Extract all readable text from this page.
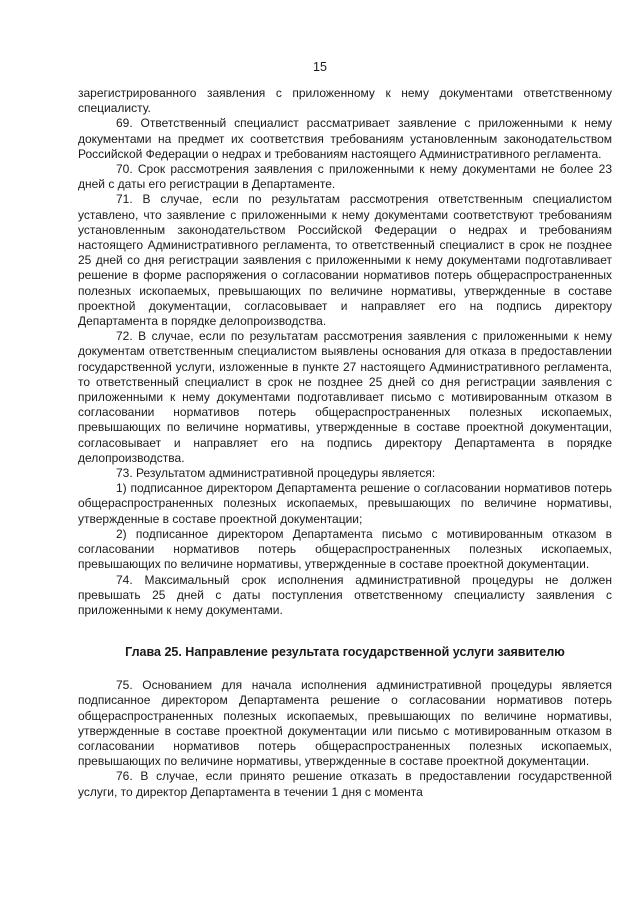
15

зарегистрированного заявления с приложенному к нему документами ответственному специалисту.

69. Ответственный специалист рассматривает заявление с приложенными к нему документами на предмет их соответствия требованиям установленным законодательством Российской Федерации о недрах и требованиям настоящего Административного регламента.

70. Срок рассмотрения заявления с приложенными к нему документами не более 23 дней с даты его регистрации в Департаменте.

71. В случае, если по результатам рассмотрения ответственным специалистом уставлено, что заявление с приложенными к нему документами соответствуют требованиям установленным законодательством Российской Федерации о недрах и требованиям настоящего Административного регламента, то ответственный специалист в срок не позднее 25 дней со дня регистрации заявления с приложенными к нему документами подготавливает решение в форме распоряжения о согласовании нормативов потерь общераспространенных полезных ископаемых, превышающих по величине нормативы, утвержденные в составе проектной документации, согласовывает и направляет его на подпись директору Департамента в порядке делопроизводства.

72. В случае, если по результатам рассмотрения заявления с приложенными к нему документам ответственным специалистом выявлены основания для отказа в предоставлении государственной услуги, изложенные в пункте 27 настоящего Административного регламента, то ответственный специалист в срок не позднее 25 дней со дня регистрации заявления с приложенными к нему документами подготавливает письмо с мотивированным отказом в согласовании нормативов потерь общераспространенных полезных ископаемых, превышающих по величине нормативы, утвержденные в составе проектной документации, согласовывает и направляет его на подпись директору Департамента в порядке делопроизводства.

73. Результатом административной процедуры является:

1) подписанное директором Департамента решение о согласовании нормативов потерь общераспространенных полезных ископаемых, превышающих по величине нормативы, утвержденные в составе проектной документации;

2) подписанное директором Департамента письмо с мотивированным отказом в согласовании нормативов потерь общераспространенных полезных ископаемых, превышающих по величине нормативы, утвержденные в составе проектной документации.

74. Максимальный срок исполнения административной процедуры не должен превышать 25 дней с даты поступления ответственному специалисту заявления с приложенными к нему документами.

Глава 25. Направление результата государственной услуги заявителю

75. Основанием для начала исполнения административной процедуры является подписанное директором Департамента решение о согласовании нормативов потерь общераспространенных полезных ископаемых, превышающих по величине нормативы, утвержденные в составе проектной документации или письмо с мотивированным отказом в согласовании нормативов потерь общераспространенных полезных ископаемых, превышающих по величине нормативы, утвержденные в составе проектной документации.

76. В случае, если принято решение отказать в предоставлении государственной услуги, то директор Департамента в течении 1 дня с момента
